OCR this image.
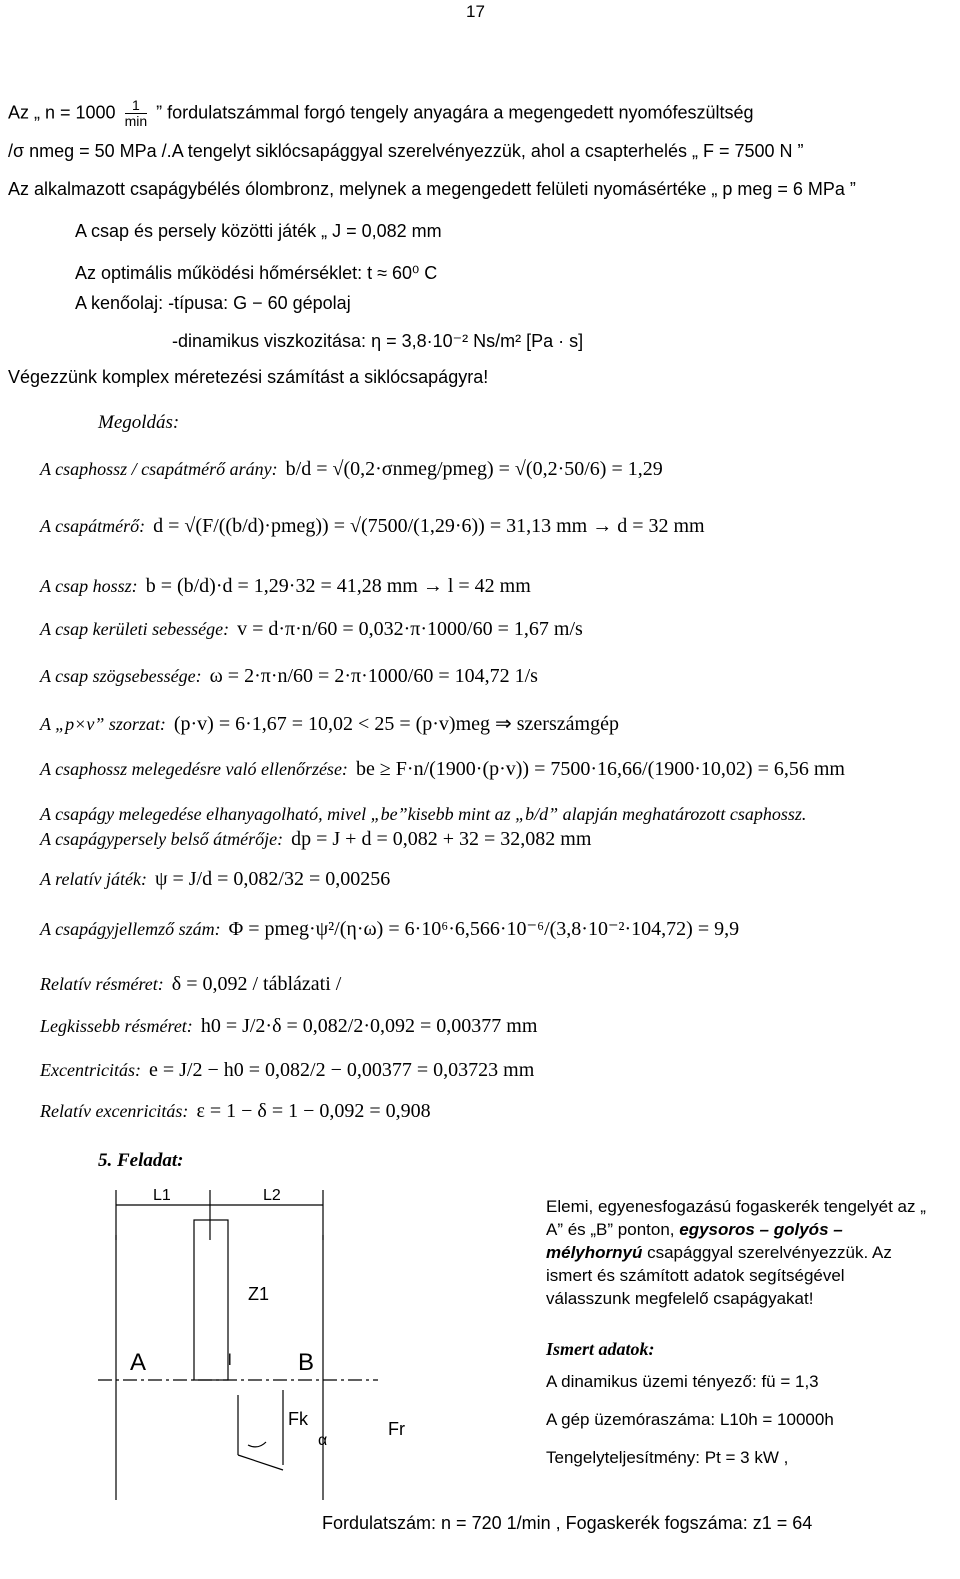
17
Az „ n = 1000	1
min ” fordulatszámmal forgó tengely anyagára a megengedett nyomófeszültség
/σ nmeg = 50 MPa /.A tengelyt siklócsapággyal szerelvényezzük, ahol a csapterhelés „ F = 7500 N ”
Az alkalmazott csapágybélés ólombronz, melynek a megengedett felületi nyomásértéke „ p meg = 6 MPa ”
A csap és persely közötti játék „ J = 0,082 mm
Az optimális működési hőmérséklet: t ≈ 60⁰ C
A kenőolaj: -típusa: G − 60 gépolaj
-dinamikus viszkozitása: η = 3,8·10⁻² Ns/m² [Pa · s]
Végezzünk komplex méretezési számítást a siklócsapágyra!
Megoldás:
A csaphossz / csapátmérő arány: b/d = √(0,2·σnmeg/pmeg) = √(0,2·50/6) = 1,29
A csapátmérő: d = √(F/((b/d)·pmeg)) = √(7500/(1,29·6)) = 31,13 mm → d = 32 mm
A csap hossz: b = (b/d)·d = 1,29·32 = 41,28 mm → l = 42 mm
A csap kerületi sebessége: v = d·π·n/60 = 0,032·π·1000/60 = 1,67 m/s
A csap szögsebessége: ω = 2·π·n/60 = 2·π·1000/60 = 104,72 1/s
A „p×v” szorzat: (p·v) = 6·1,67 = 10,02 < 25 = (p·v)meg ⇒ szerszámgép
A csaphossz melegedésre való ellenőrzése: be ≥ F·n/(1900·(p·v)) = 7500·16,66/(1900·10,02) = 6,56 mm
A csapágy melegedése elhanyagolható, mivel „be”kisebb mint az „b/d” alapján meghatározott csaphossz.
A csapágypersely belső átmérője: dp = J + d = 0,082 + 32 = 32,082 mm
A relatív játék: ψ = J/d = 0,082/32 = 0,00256
A csapágyjellemző szám: Φ = pmeg·ψ²/(η·ω) = 6·10⁶·6,566·10⁻⁶/(3,8·10⁻²·104,72) = 9,9
Relatív résméret: δ = 0,092 / táblázati /
Legkissebb résméret: h0 = J/2·δ = 0,082/2·0,092 = 0,00377 mm
Excentricitás: e = J/2 − h0 = 0,082/2 − 0,00377 = 0,03723 mm
Relatív excenricitás: ε = 1 − δ = 1 − 0,092 = 0,908
5. Feladat:
L1	L2
Z1
A	B
Fk	Fr
α
l
Elemi, egyenesfogazású fogaskerék tengelyét az „ A” és „B” ponton, egysoros – golyós – mélyhornyú csapággyal szerelvényezzük. Az ismert és számított adatok segítségével válasszunk megfelelő csapágyakat!
Ismert adatok:
A dinamikus üzemi tényező: fü = 1,3
A gép üzemóraszáma: L10h = 10000h
Tengelyteljesítmény: Pt = 3 kW ,
Fordulatszám: n = 720 1/min , Fogaskerék fogszáma: z1 = 64
